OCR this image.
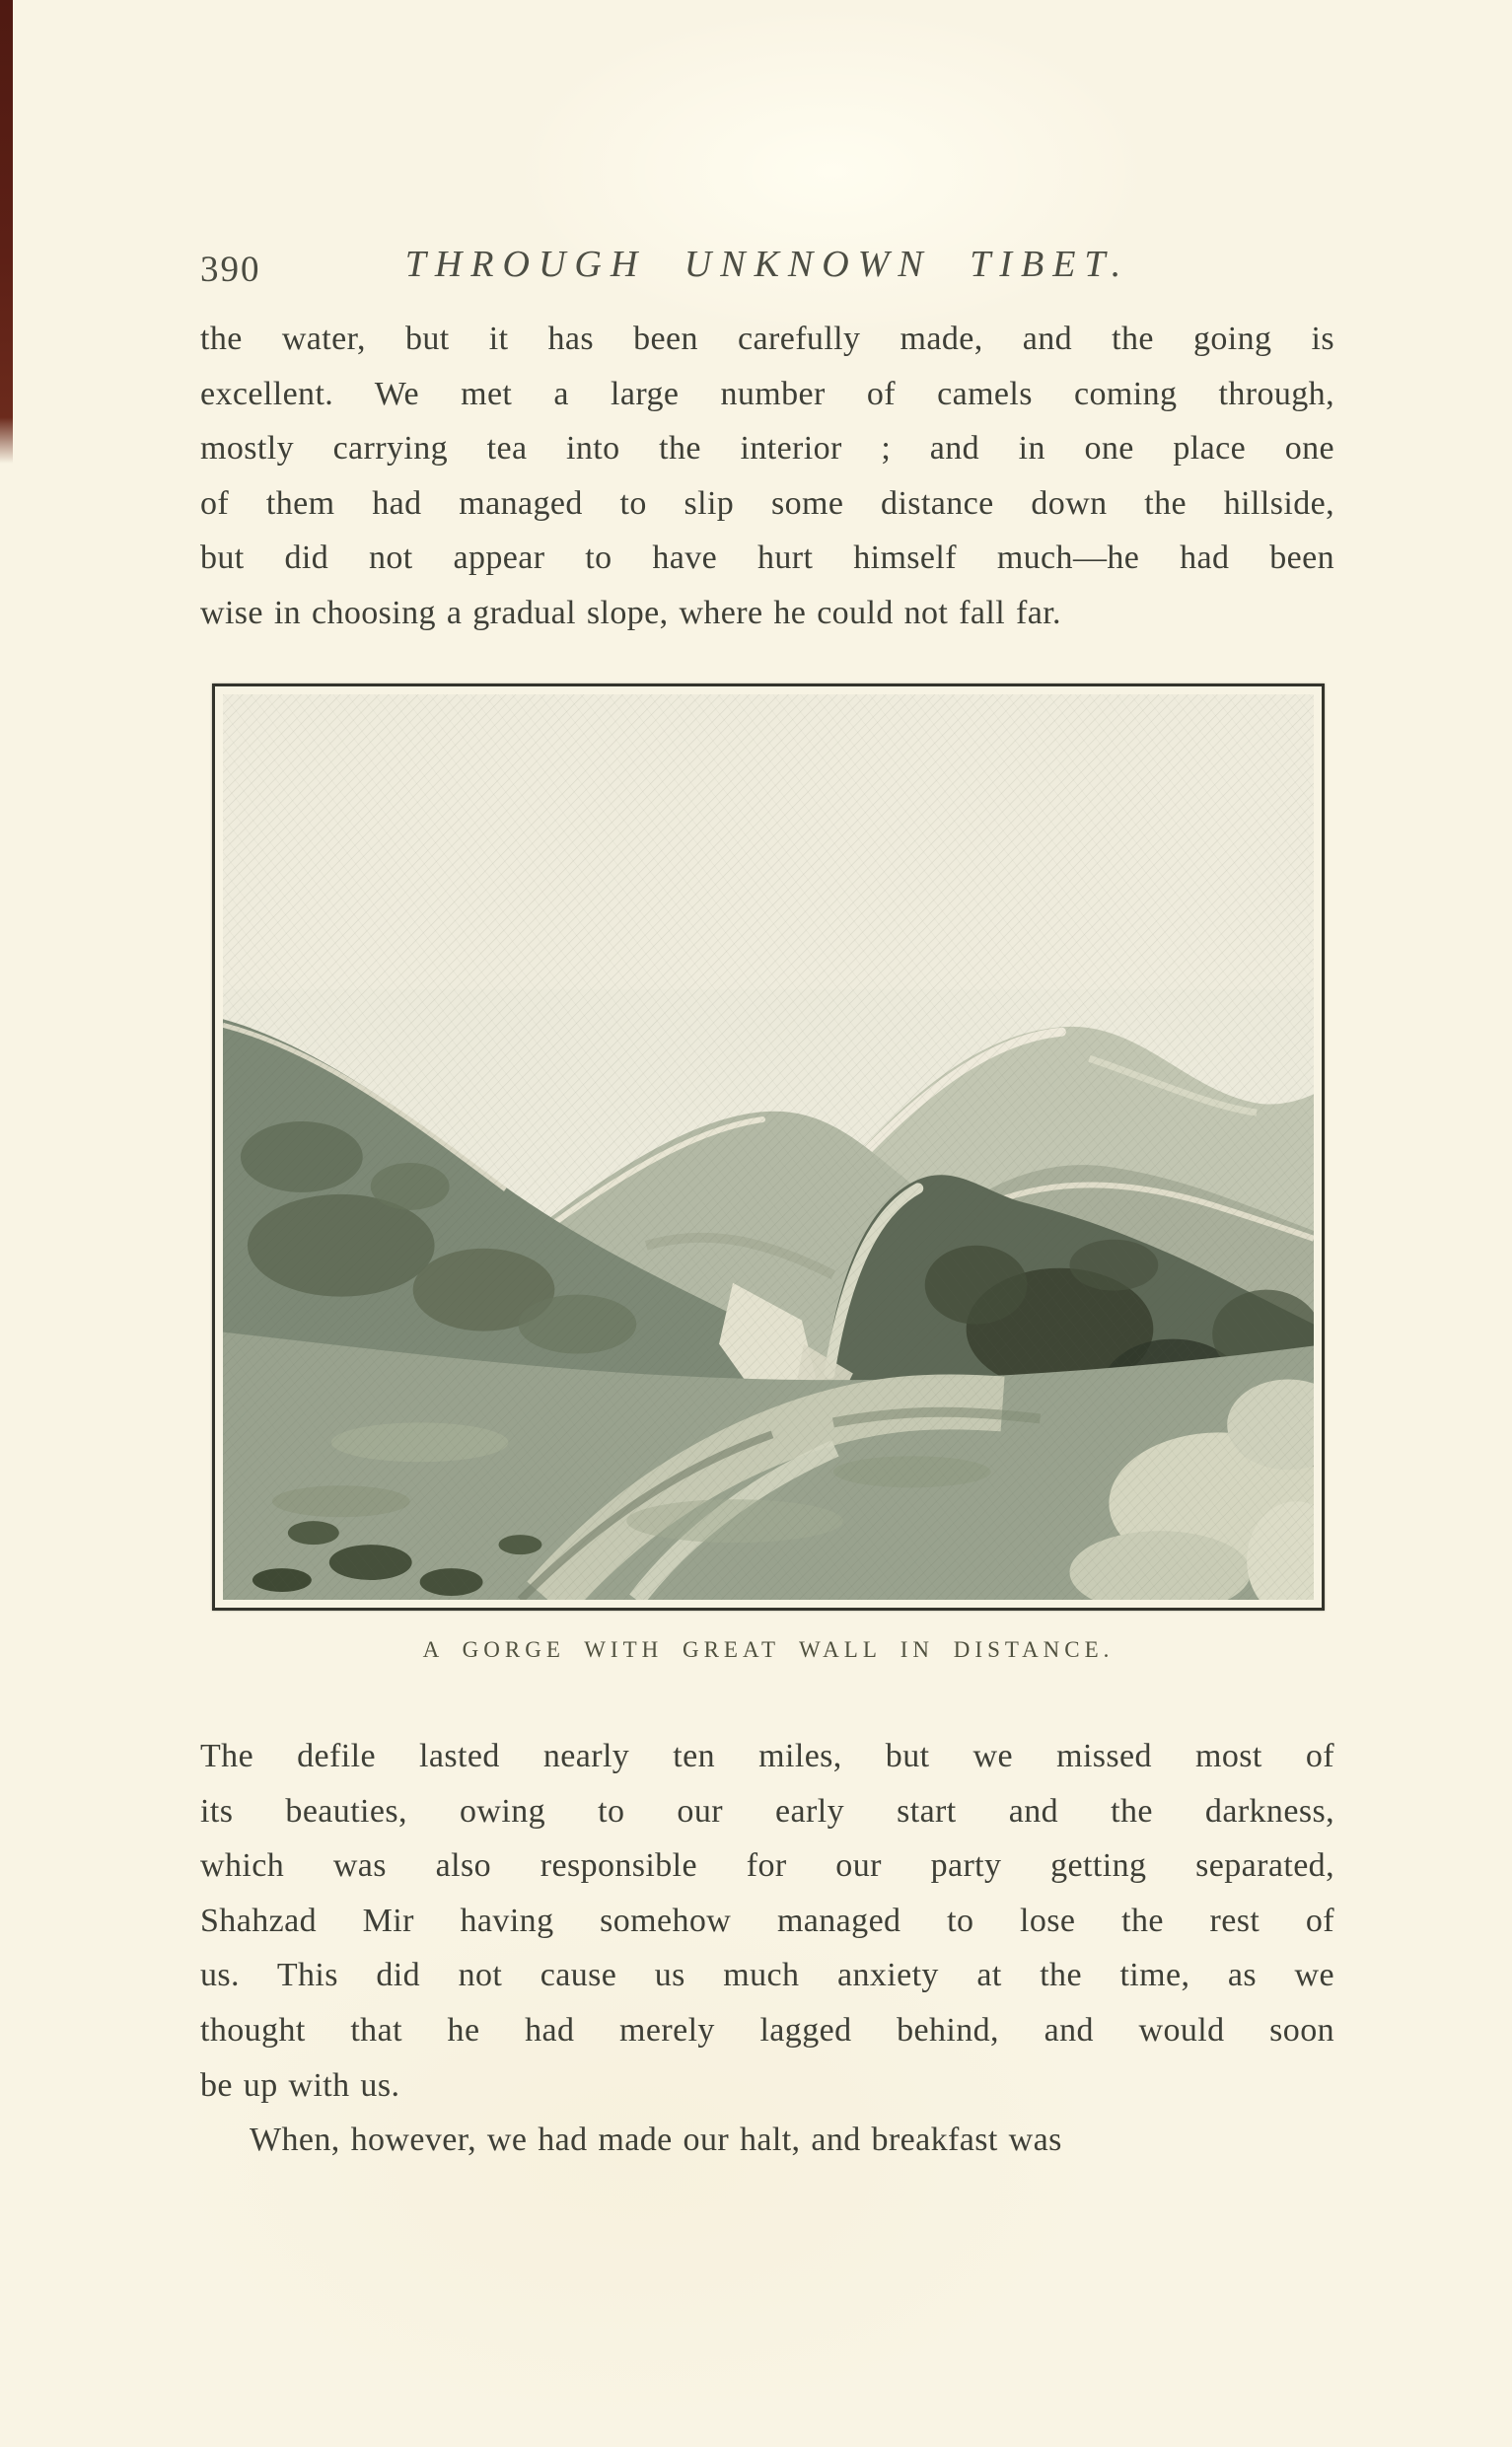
390	THROUGH UNKNOWN TIBET.
the water, but it has been carefully made, and the going is
excellent. We met a large number of camels coming through,
mostly carrying tea into the interior ; and in one place one
of them had managed to slip some distance down the hillside,
but did not appear to have hurt himself much—he had been
wise in choosing a gradual slope, where he could not fall far.
A GORGE WITH GREAT WALL IN DISTANCE.
The defile lasted nearly ten miles, but we missed most of
its beauties, owing to our early start and the darkness,
which was also responsible for our party getting separated,
Shahzad Mir having somehow managed to lose the rest of
us. This did not cause us much anxiety at the time, as we
thought that he had merely lagged behind, and would soon
be up with us.
When, however, we had made our halt, and breakfast was
